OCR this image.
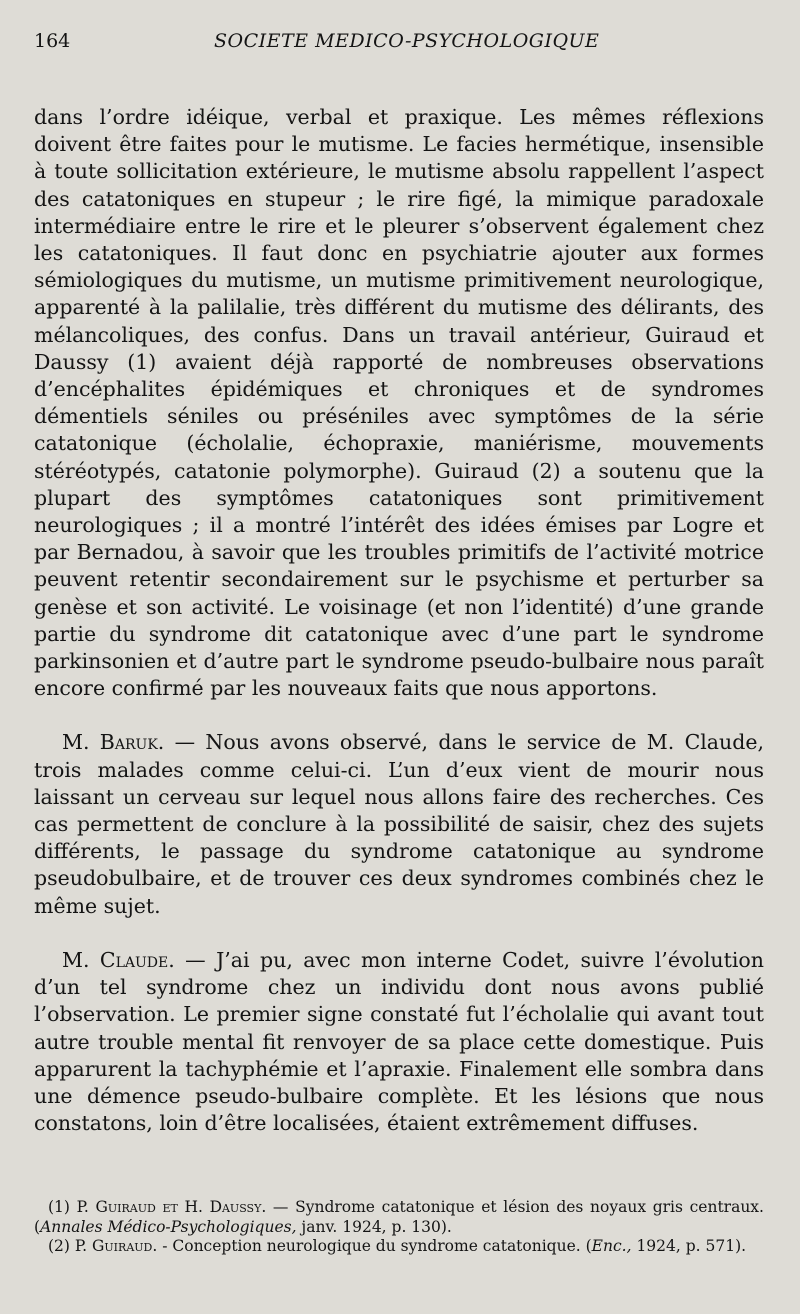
164	SOCIETE MEDICO-PSYCHOLOGIQUE

dans l’ordre idéique, verbal et praxique. Les mêmes réflexions doivent être faites pour le mutisme. Le facies hermétique, insensible à toute sollicitation extérieure, le mutisme absolu rappellent l’aspect des catatoniques en stupeur ; le rire figé, la mimique paradoxale intermédiaire entre le rire et le pleurer s’observent également chez les catatoniques. Il faut donc en psychiatrie ajouter aux formes sémiologiques du mutisme, un mutisme primitivement neurologique, apparenté à la palilalie, très différent du mutisme des délirants, des mélancoliques, des confus. Dans un travail antérieur, Guiraud et Daussy (1) avaient déjà rapporté de nombreuses observations d’encéphalites épidémiques et chroniques et de syndromes démentiels séniles ou préséniles avec symptômes de la série catatonique (écholalie, échopraxie, maniérisme, mouvements stéréotypés, catatonie polymorphe). Guiraud (2) a soutenu que la plupart des symptômes catatoniques sont primitivement neurologiques ; il a montré l’intérêt des idées émises par Logre et par Bernadou, à savoir que les troubles primitifs de l’activité motrice peuvent retentir secondairement sur le psychisme et perturber sa genèse et son activité. Le voisinage (et non l’identité) d’une grande partie du syndrome dit catatonique avec d’une part le syndrome parkinsonien et d’autre part le syndrome pseudo-bulbaire nous paraît encore confirmé par les nouveaux faits que nous apportons.

M. Baruk. — Nous avons observé, dans le service de M. Claude, trois malades comme celui-ci. L’un d’eux vient de mourir nous laissant un cerveau sur lequel nous allons faire des recherches. Ces cas permettent de conclure à la possibilité de saisir, chez des sujets différents, le passage du syndrome catatonique au syndrome pseudobulbaire, et de trouver ces deux syndromes combinés chez le même sujet.

M. Claude. — J’ai pu, avec mon interne Codet, suivre l’évolution d’un tel syndrome chez un individu dont nous avons publié l’observation. Le premier signe constaté fut l’écholalie qui avant tout autre trouble mental fit renvoyer de sa place cette domestique. Puis apparurent la tachyphémie et l’apraxie. Finalement elle sombra dans une démence pseudo-bulbaire complète. Et les lésions que nous constatons, loin d’être localisées, étaient extrêmement diffuses.

(1) P. Guiraud et H. Daussy. — Syndrome catatonique et lésion des noyaux gris centraux. (Annales Médico-Psychologiques, janv. 1924, p. 130).

(2) P. Guiraud. - Conception neurologique du syndrome catatonique. (Enc., 1924, p. 571).
